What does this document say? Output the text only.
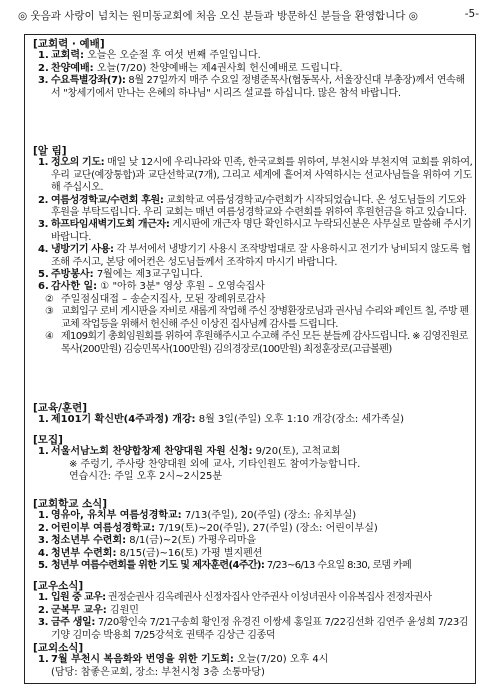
◎ 웃음과 사랑이 넘치는 원미동교회에 처음 오신 분들과 방문하신 분들을 환영합니다 ◎	-5-
[교회력 · 예배]
1. 교회력: 오늘은 오순절 후 여섯 번째 주일입니다.
2. 찬양예배: 오늘(7/20) 찬양예배는 제4권사회 헌신예배로 드립니다.
3. 수요특별강좌(7): 8월 27일까지 매주 수요일 정병준목사(협동목사, 서울장신대 부총장)께서 연속해서 "창세기에서 만나는 은혜의 하나님" 시리즈 설교를 하십니다. 많은 참석 바랍니다.
[알 림]
1. 정오의 기도: 매일 낮 12시에 우리나라와 민족, 한국교회를 위하여, 부천시와 부천지역 교회를 위하여, 우리 교단(예장통합)과 교단선학교(7개), 그리고 세계에 흩어져 사역하시는 선교사님들을 위하여 기도해 주십시오.
2. 여름성경학교/수련회 후원: 교회학교 여름성경학교/수련회가 시작되었습니다. 온 성도님들의 기도와 후원을 부탁드립니다. 우리 교회는 매년 여름성경학교와 수련회를 위하여 후원헌금을 하고 있습니다.
3. 하프타임새벽기도회 개근자: 게시판에 개근자 명단 확인하시고 누락되신분은 사무실로 말씀해 주시기 바랍니다.
4. 냉방기기 사용: 각 부서에서 냉방기기 사용시 조작방법대로 잘 사용하시고 전기가 낭비되지 않도록 협조해 주시고, 본당 에어컨은 성도님들께서 조작하지 마시기 바랍니다.
5. 주방봉사: 7월에는 제3교구입니다.
6. 감사한 일: ① "아하 3분" 영상 후원 – 오영숙집사
② 주일점심대접 – 송순지집사, 모된 장례위로감사
③ 교회입구 로비 게시판을 자비로 새롭게 작업해 주신 장병환장로님과 권사님 수리와 페인트 칠, 주방 펜 교체 작업등을 위해서 헌신해 주신 이상진 집사님께 감사를 드립니다.
④ 제109회기 총회임원회를 위하여 후원해주시고 수고해 주신 모든 분들께 감사드립니다. ※ 김영진원로목사(200만원) 김승민목사(100만원) 김의경장로(100만원) 최정훈장로(고급볼펜)
[교육/훈련]
1. 제101기 확신반(4주과정) 개강: 8월 3일(주일) 오후 1:10 개강(장소: 세가족실)
[모집]
1. 서울서남노회 찬양합창제 찬양대원 자원 신청: 9/20(토), 고척교회
※ 주렁기, 주사랑 찬양대원 외에 교사, 기타인원도 참여가능합니다.
연습시간: 주일 오후 2시~2시25분
[교회학교 소식]
1. 영유아, 유치부 여름성경학교: 7/13(주일), 20(주일) (장소: 유치부실)
2. 어린이부 여름성경학교: 7/19(토)~20(주일), 27(주일) (장소: 어린이부실)
3. 청소년부 수련회: 8/1(금)~2(토) 가평우리마을
4. 청년부 수련회: 8/15(금)~16(토) 가평 별지펜션
5. 청년부 여름수련회를 위한 기도 및 제자훈련(4주간): 7/23~6/13 수요일 8:30, 로뎀 카페
[교우소식]
1. 입원 중 교우: 권정순권사 김옥례권사 신정자집사 안주권사 이성녀권사 이유복집사 전정자권사
2. 군복무 교우: 김원민
3. 금주 생일: 7/20황인숙 7/21구송희 황인정 유경진 이쌍세 홍일표 7/22김선화 김연주 윤성희 7/23김기양 김미승 박용희 7/25강석호 권택주 김상근 김종덕
[교외소식]
1. 7월 부천시 복음화와 번영을 위한 기도회: 오늘(7/20) 오후 4시
(담당: 참좋은교회, 장소: 부천시청 3층 소통마당)
